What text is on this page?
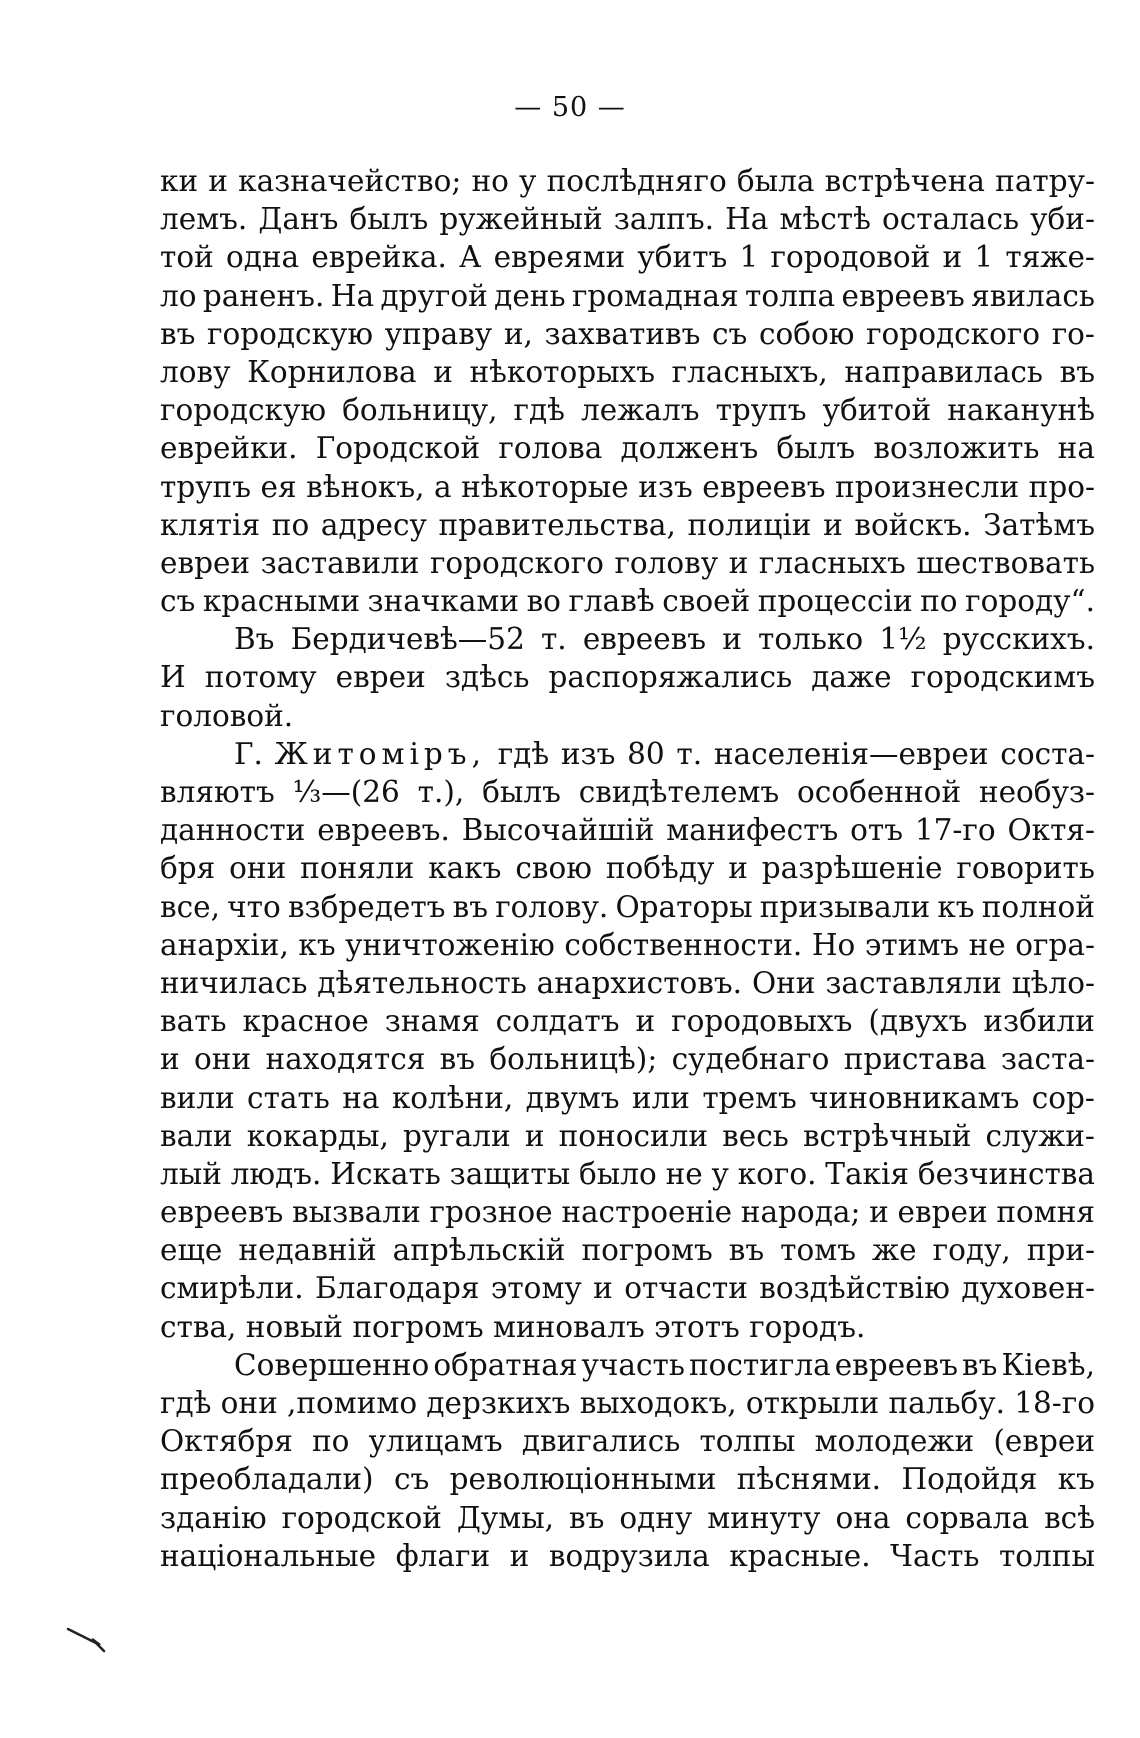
— 50 —
ки и казначейство; но у послѣдняго была встрѣчена патру-
лемъ. Данъ былъ ружейный залпъ. На мѣстѣ осталась уби-
той одна еврейка. А евреями убитъ 1 городовой и 1 тяже-
ло раненъ. На другой день громадная толпа евреевъ явилась
въ городскую управу и, захвативъ съ собою городского го-
лову Корнилова и нѣкоторыхъ гласныхъ, направилась въ
городскую больницу, гдѣ лежалъ трупъ убитой наканунѣ
еврейки. Городской голова долженъ былъ возложить на
трупъ ея вѣнокъ, а нѣкоторые изъ евреевъ произнесли про-
клятія по адресу правительства, полиціи и войскъ. Затѣмъ
евреи заставили городского голову и гласныхъ шествовать
съ красными значками во главѣ своей процессіи по городу“.
Въ Бердичевѣ—52 т. евреевъ и только 1½ русскихъ.
И потому евреи здѣсь распоряжались даже городскимъ
головой.
Г. Житоміръ, гдѣ изъ 80 т. населенія—евреи соста-
вляютъ ⅓—(26 т.), былъ свидѣтелемъ особенной необуз-
данности евреевъ. Высочайшій манифестъ отъ 17-го Октя-
бря они поняли какъ свою побѣду и разрѣшеніе говорить
все, что взбредетъ въ голову. Ораторы призывали къ полной
анархіи, къ уничтоженію собственности. Но этимъ не огра-
ничилась дѣятельность анархистовъ. Они заставляли цѣло-
вать красное знамя солдатъ и городовыхъ (двухъ избили
и они находятся въ больницѣ); судебнаго пристава заста-
вили стать на колѣни, двумъ или тремъ чиновникамъ сор-
вали кокарды, ругали и поносили весь встрѣчный служи-
лый людъ. Искать защиты было не у кого. Такія безчинства
евреевъ вызвали грозное настроеніе народа; и евреи помня
еще недавній апрѣльскій погромъ въ томъ же году, при-
смирѣли. Благодаря этому и отчасти воздѣйствію духовен-
ства, новый погромъ миновалъ этотъ городъ.
Совершенно обратная участь постигла евреевъ въ Кіевѣ,
гдѣ они ,помимо дерзкихъ выходокъ, открыли пальбу. 18-го
Октября по улицамъ двигались толпы молодежи (евреи
преобладали) съ революціонными пѣснями. Подойдя къ
зданію городской Думы, въ одну минуту она сорвала всѣ
національные флаги и водрузила красные. Часть толпы
